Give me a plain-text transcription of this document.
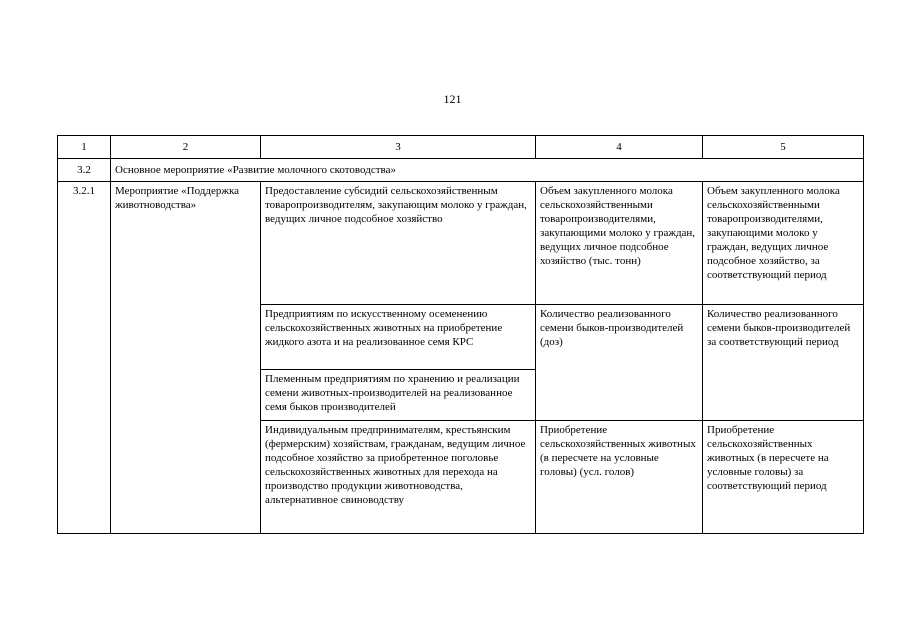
121
1	2	3	4	5
3.2	Основное мероприятие «Развитие молочного скотоводства»			
3.2.1	Мероприятие «Поддержка животноводства»	Предоставление субсидий сельскохозяйственным товаропроизводителям, закупающим молоко у граждан, ведущих личное подсобное хозяйство	Объем закупленного молока сельскохозяйственными товаропроизводителями, закупающими молоко у граждан, ведущих личное подсобное хозяйство (тыс. тонн)	Объем закупленного молока сельскохозяйственными товаропроизводителями, закупающими молоко у граждан, ведущих личное подсобное хозяйство, за соответствующий период
		Предприятиям по искусственному осеменению сельскохозяйственных животных на приобретение жидкого азота и на реализованное семя КРС	Количество реализованного семени быков-производителей (доз)	Количество реализованного семени быков-производителей за соответствующий период
		Племенным предприятиям по хранению и реализации семени животных-производителей на реализованное семя быков производителей		
		Индивидуальным предпринимателям, крестьянским (фермерским) хозяйствам, гражданам, ведущим личное подсобное хозяйство за приобретенное поголовье сельскохозяйственных животных для перехода на производство продукции животноводства, альтернативное свиноводству	Приобретение сельскохозяйственных животных (в пересчете на условные головы) (усл. голов)	Приобретение сельскохозяйственных животных (в пересчете на условные головы) за соответствующий период
